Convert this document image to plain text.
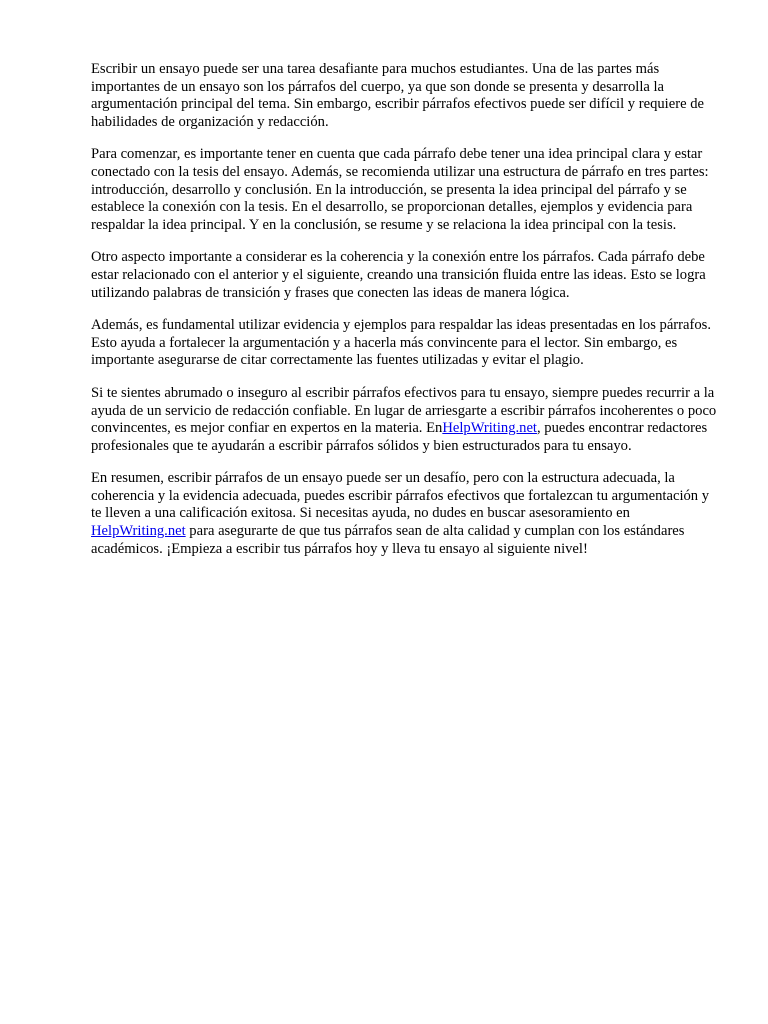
Escribir un ensayo puede ser una tarea desafiante para muchos estudiantes. Una de las partes más importantes de un ensayo son los párrafos del cuerpo, ya que son donde se presenta y desarrolla la argumentación principal del tema. Sin embargo, escribir párrafos efectivos puede ser difícil y requiere de habilidades de organización y redacción.

Para comenzar, es importante tener en cuenta que cada párrafo debe tener una idea principal clara y estar conectado con la tesis del ensayo. Además, se recomienda utilizar una estructura de párrafo en tres partes: introducción, desarrollo y conclusión. En la introducción, se presenta la idea principal del párrafo y se establece la conexión con la tesis. En el desarrollo, se proporcionan detalles, ejemplos y evidencia para respaldar la idea principal. Y en la conclusión, se resume y se relaciona la idea principal con la tesis.

Otro aspecto importante a considerar es la coherencia y la conexión entre los párrafos. Cada párrafo debe estar relacionado con el anterior y el siguiente, creando una transición fluida entre las ideas. Esto se logra utilizando palabras de transición y frases que conecten las ideas de manera lógica.

Además, es fundamental utilizar evidencia y ejemplos para respaldar las ideas presentadas en los párrafos. Esto ayuda a fortalecer la argumentación y a hacerla más convincente para el lector. Sin embargo, es importante asegurarse de citar correctamente las fuentes utilizadas y evitar el plagio.

Si te sientes abrumado o inseguro al escribir párrafos efectivos para tu ensayo, siempre puedes recurrir a la ayuda de un servicio de redacción confiable. En lugar de arriesgarte a escribir párrafos incoherentes o poco convincentes, es mejor confiar en expertos en la materia. EnHelpWriting.net, puedes encontrar redactores profesionales que te ayudarán a escribir párrafos sólidos y bien estructurados para tu ensayo.

En resumen, escribir párrafos de un ensayo puede ser un desafío, pero con la estructura adecuada, la coherencia y la evidencia adecuada, puedes escribir párrafos efectivos que fortalezcan tu argumentación y te lleven a una calificación exitosa. Si necesitas ayuda, no dudes en buscar asesoramiento en HelpWriting.net para asegurarte de que tus párrafos sean de alta calidad y cumplan con los estándares académicos. ¡Empieza a escribir tus párrafos hoy y lleva tu ensayo al siguiente nivel!
